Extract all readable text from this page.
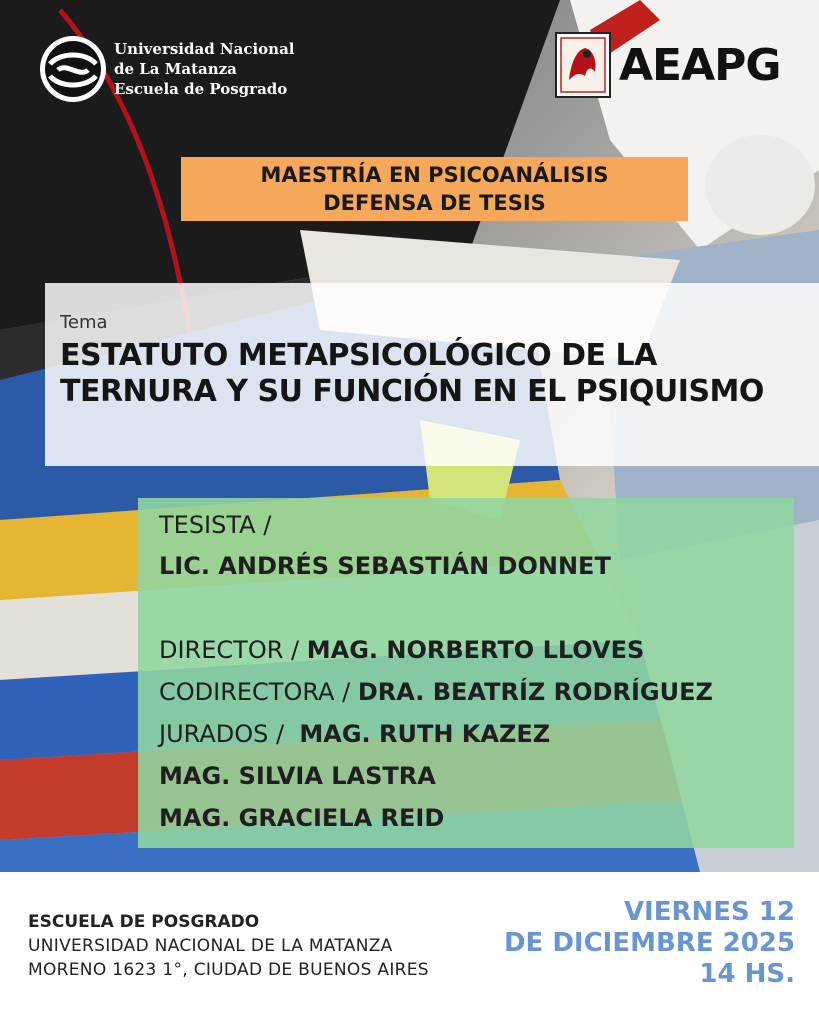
Universidad Nacional
de La Matanza
Escuela de Posgrado	AEAPG
MAESTRÍA EN PSICOANÁLISIS
DEFENSA DE TESIS
Tema
ESTATUTO METAPSICOLÓGICO DE LA
TERNURA Y SU FUNCIÓN EN EL PSIQUISMO
TESISTA /
LIC. ANDRÉS SEBASTIÁN DONNET
DIRECTOR / MAG. NORBERTO LLOVES
CODIRECTORA / DRA. BEATRÍZ RODRÍGUEZ
JURADOS / MAG. RUTH KAZEZ
MAG. SILVIA LASTRA
MAG. GRACIELA REID
ESCUELA DE POSGRADO
UNIVERSIDAD NACIONAL DE LA MATANZA
MORENO 1623 1°, CIUDAD DE BUENOS AIRES
VIERNES 12
DE DICIEMBRE 2025
14 HS.
